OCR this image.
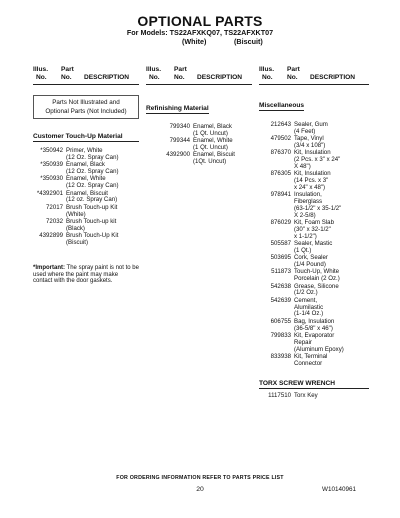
OPTIONAL PARTS
For Models: TS22AFXKQ07, TS22AFXKT07
(White)	(Biscuit)
Illus.
No.
Part
No. DESCRIPTION
Parts Not Illustrated and
Optional Parts (Not Included)
Customer Touch-Up Material
*350942 Primer, White
(12 Oz. Spray Can)
*350939 Enamel, Black
(12 Oz. Spray Can)
*350930 Enamel, White
(12 Oz. Spray Can)
*4392901 Enamel, Biscuit
(12 oz. Spray Can)
72017 Brush Touch-up Kit
(White)
72032 Brush Touch-up kit
(Black)
4392899 Brush Touch-Up Kit
(Biscuit)
*Important: The spray paint is not to be used where the paint may make contact with the door gaskets.
Illus.
No.
Part
No. DESCRIPTION
Refinishing Material
799340 Enamel, Black
(1 Qt. Uncut)
799344 Enamel, White
(1 Qt. Uncut)
4392900 Enamel, Biscuit
(1Qt. Uncut)
Illus.
No.
Part
No. DESCRIPTION
Miscellaneous
212643 Sealer, Gum
(4 Feet)
479502 Tape, Vinyl
(3/4 x 108")
876370 Kit, Insulation
(2 Pcs. x 3" x 24"
X 48")
876305 Kit, Insulation
(14 Pcs. x 3"
x 24" x 48")
978941 Insulation,
Fiberglass
(63-1/2" x 35-1/2"
X 2-5/8)
876029 Kit, Foam Slab
(30" x 32-1/2"
x 1-1/2")
505587 Sealer, Mastic
(1 Qt.)
503695 Cork, Sealer
(1/4 Pound)
511873 Touch-Up, White
Porcelain (2 Oz.)
542638 Grease, Silicone
(1/2 Oz.)
542639 Cement,
Alumilastic
(1-1/4 Oz.)
606755 Bag, Insulation
(36-5/8" x 46")
799833 Kit, Evaporator
Repair
(Aluminum Epoxy)
833938 Kit, Terminal
Connector
TORX SCREW WRENCH
1117510 Torx Key
FOR ORDERING INFORMATION REFER TO PARTS PRICE LIST
20	W10140961
